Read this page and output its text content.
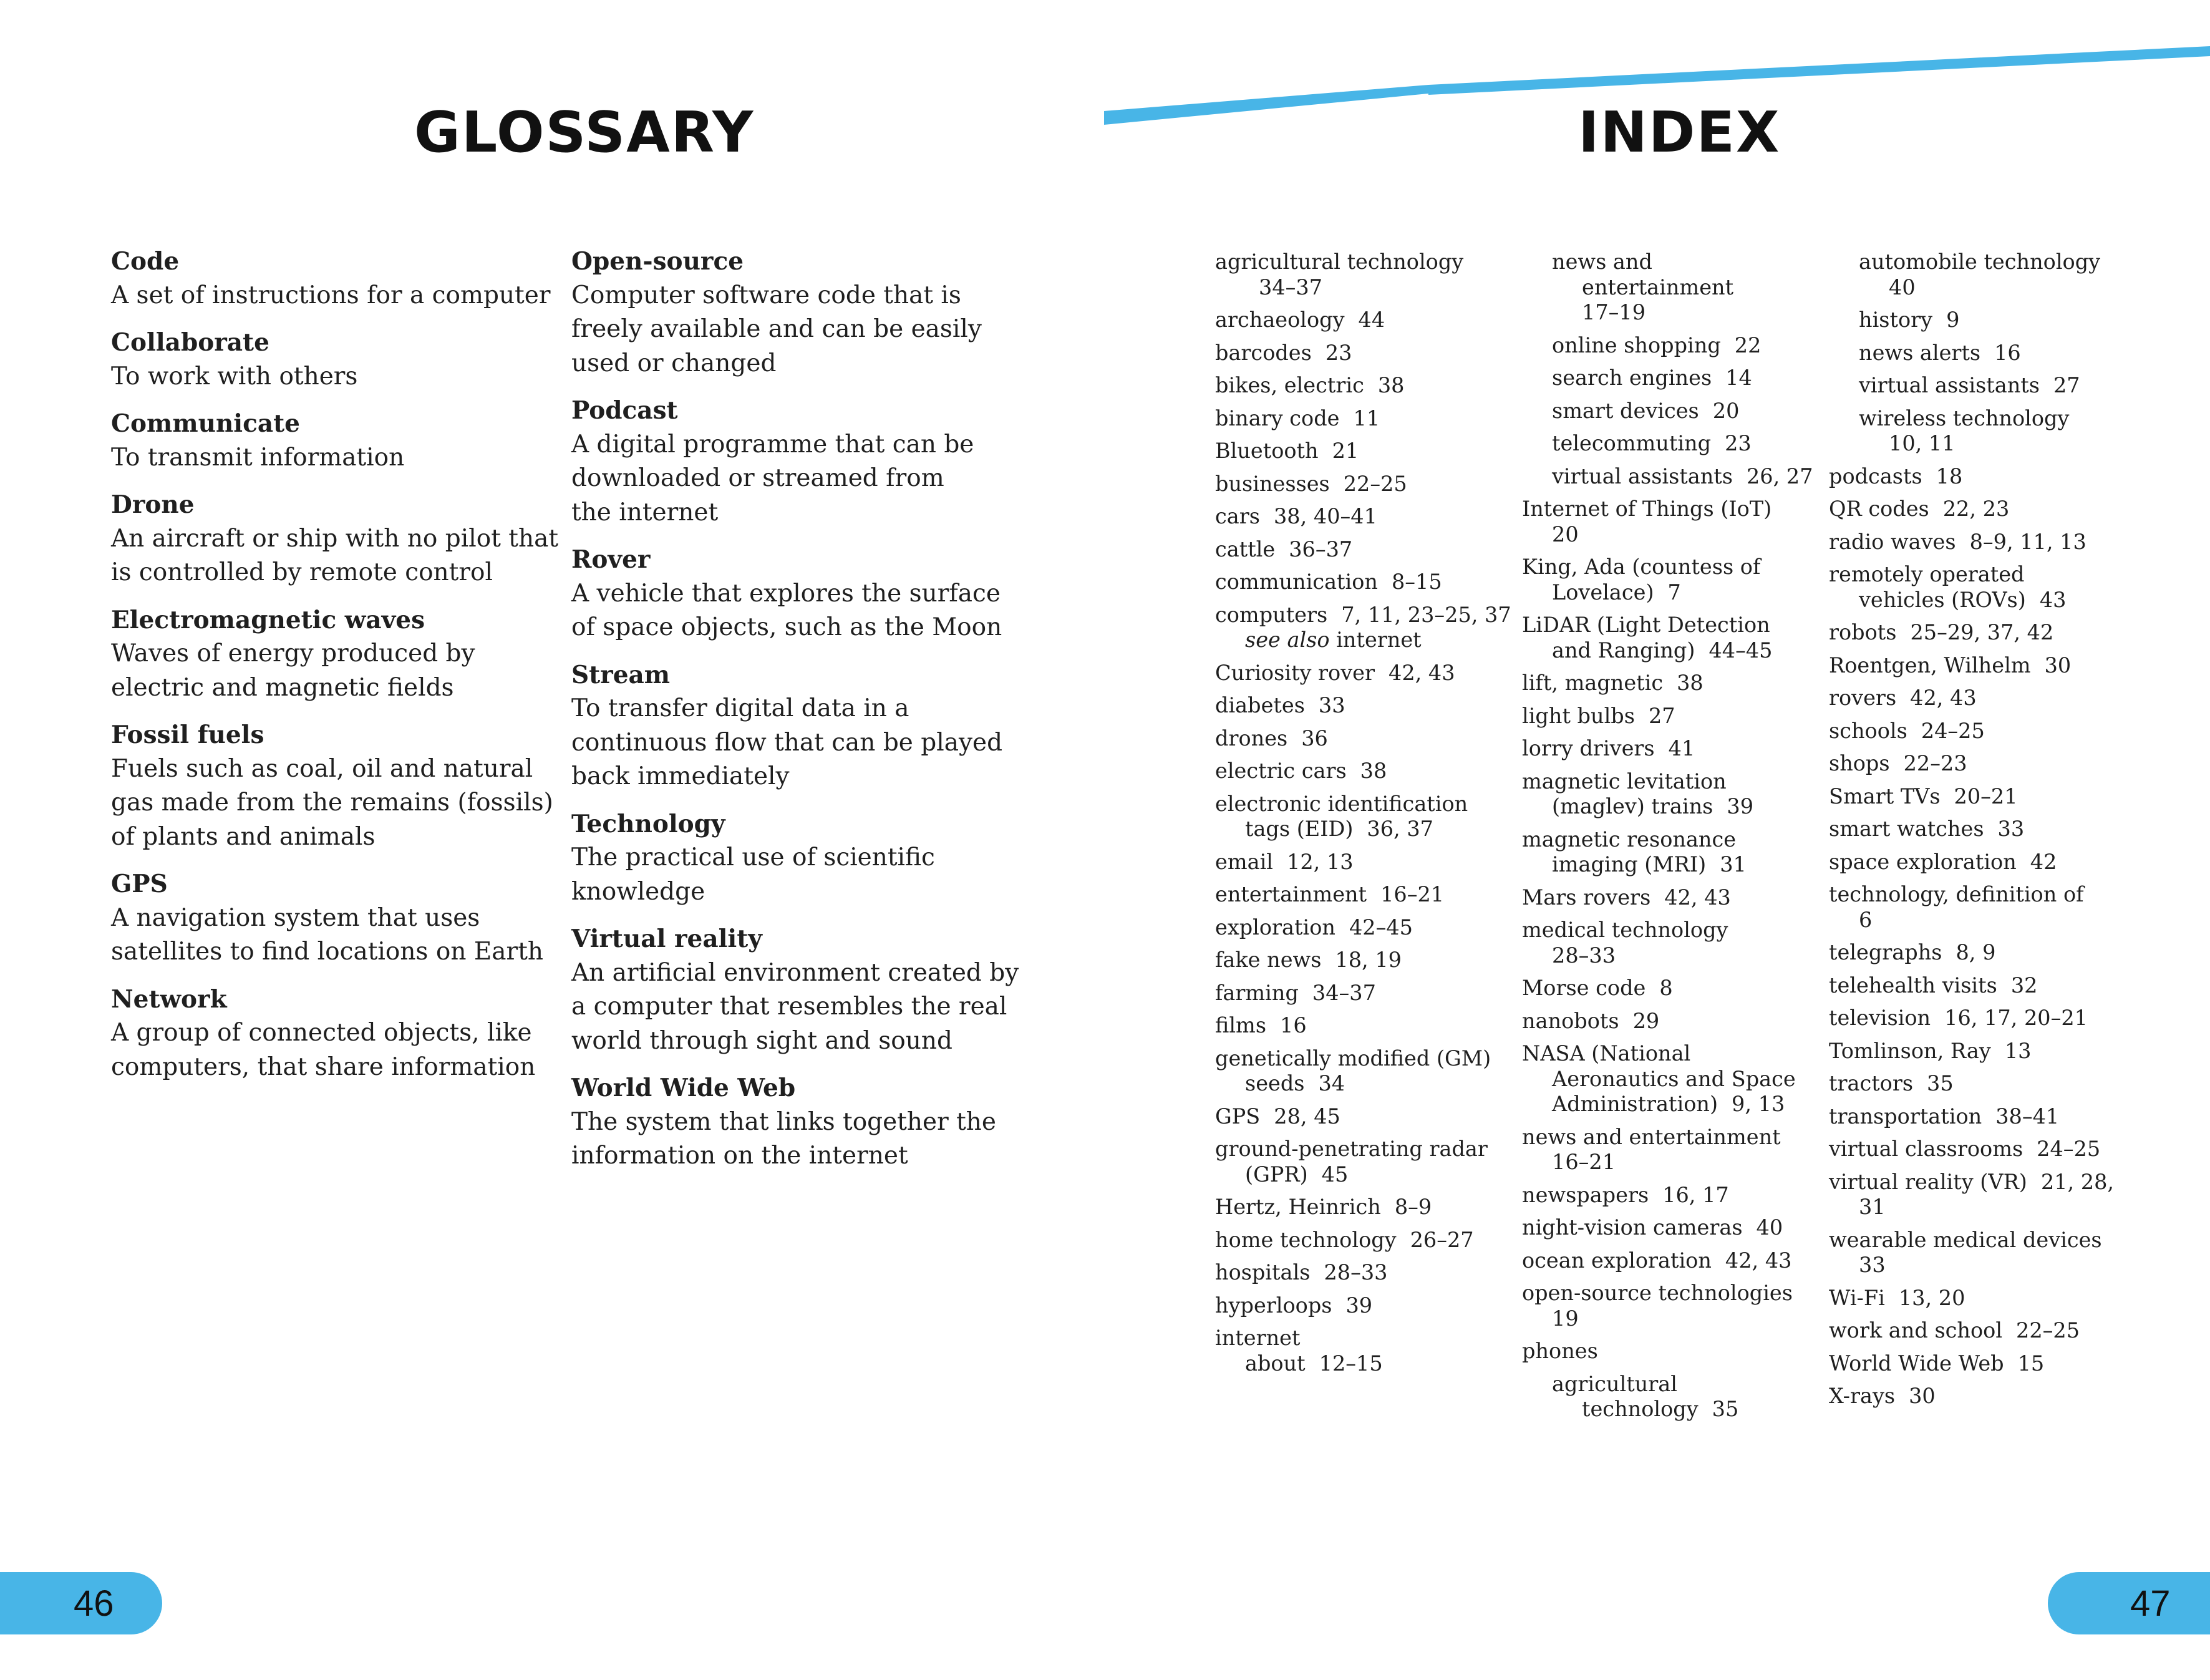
GLOSSARY	INDEX
Code
A set of instructions for a computer
Collaborate
To work with others
Communicate
To transmit information
Drone
An aircraft or ship with no pilot that
is controlled by remote control
Electromagnetic waves
Waves of energy produced by
electric and magnetic fields
Fossil fuels
Fuels such as coal, oil and natural
gas made from the remains (fossils)
of plants and animals
GPS
A navigation system that uses
satellites to find locations on Earth
Network
A group of connected objects, like
computers, that share information
Open-source
Computer software code that is
freely available and can be easily
used or changed
Podcast
A digital programme that can be
downloaded or streamed from
the internet
Rover
A vehicle that explores the surface
of space objects, such as the Moon
Stream
To transfer digital data in a
continuous flow that can be played
back immediately
Technology
The practical use of scientific
knowledge
Virtual reality
An artificial environment created by
a computer that resembles the real
world through sight and sound
World Wide Web
The system that links together the
information on the internet
agricultural technology
34–37
archaeology 44
barcodes 23
bikes, electric 38
binary code 11
Bluetooth 21
businesses 22–25
cars 38, 40–41
cattle 36–37
communication 8–15
computers 7, 11, 23–25, 37
see also internet
Curiosity rover 42, 43
diabetes 33
drones 36
electric cars 38
electronic identification
tags (EID) 36, 37
email 12, 13
entertainment 16–21
exploration 42–45
fake news 18, 19
farming 34–37
films 16
genetically modified (GM)
seeds 34
GPS 28, 45
ground-penetrating radar
(GPR) 45
Hertz, Heinrich 8–9
home technology 26–27
hospitals 28–33
hyperloops 39
internet
about 12–15
news and
entertainment
17–19
online shopping 22
search engines 14
smart devices 20
telecommuting 23
virtual assistants 26, 27
Internet of Things (IoT)
20
King, Ada (countess of
Lovelace) 7
LiDAR (Light Detection
and Ranging) 44–45
lift, magnetic 38
light bulbs 27
lorry drivers 41
magnetic levitation
(maglev) trains 39
magnetic resonance
imaging (MRI) 31
Mars rovers 42, 43
medical technology
28–33
Morse code 8
nanobots 29
NASA (National
Aeronautics and Space
Administration) 9, 13
news and entertainment
16–21
newspapers 16, 17
night-vision cameras 40
ocean exploration 42, 43
open-source technologies
19
phones
agricultural
technology 35
automobile technology
40
history 9
news alerts 16
virtual assistants 27
wireless technology
10, 11
podcasts 18
QR codes 22, 23
radio waves 8–9, 11, 13
remotely operated
vehicles (ROVs) 43
robots 25–29, 37, 42
Roentgen, Wilhelm 30
rovers 42, 43
schools 24–25
shops 22–23
Smart TVs 20–21
smart watches 33
space exploration 42
technology, definition of
6
telegraphs 8, 9
telehealth visits 32
television 16, 17, 20–21
Tomlinson, Ray 13
tractors 35
transportation 38–41
virtual classrooms 24–25
virtual reality (VR) 21, 28,
31
wearable medical devices
33
Wi-Fi 13, 20
work and school 22–25
World Wide Web 15
X-rays 30
46	47
